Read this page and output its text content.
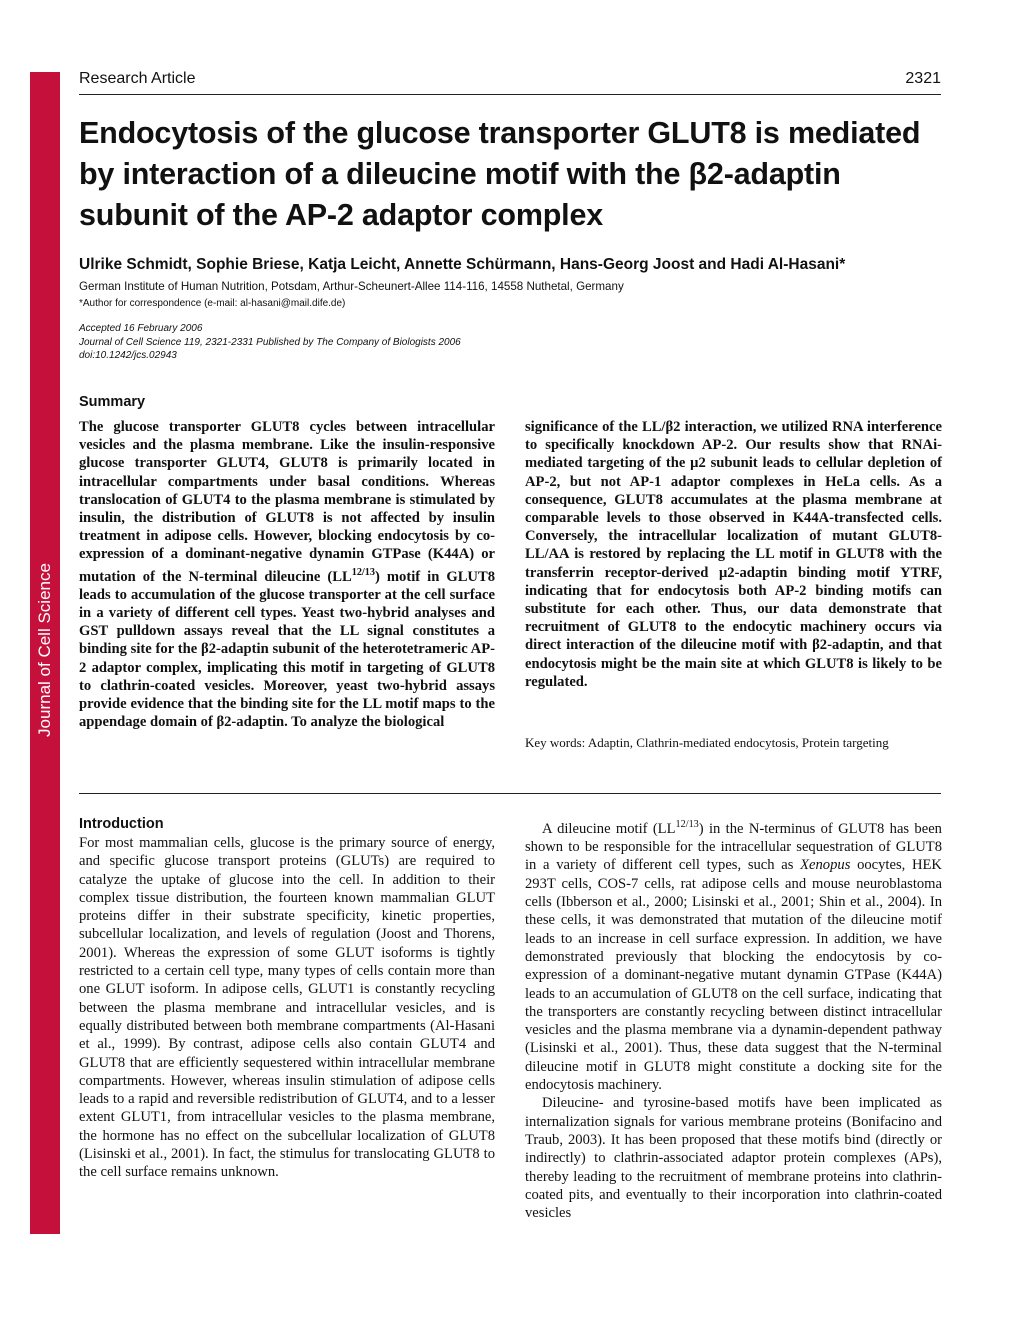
Journal of Cell Science
Research Article	2321
Endocytosis of the glucose transporter GLUT8 is mediated by interaction of a dileucine motif with the β2-adaptin subunit of the AP-2 adaptor complex

Ulrike Schmidt, Sophie Briese, Katja Leicht, Annette Schürmann, Hans-Georg Joost and Hadi Al-Hasani*

German Institute of Human Nutrition, Potsdam, Arthur-Scheunert-Allee 114-116, 14558 Nuthetal, Germany

*Author for correspondence (e-mail: al-hasani@mail.dife.de)

Accepted 16 February 2006
Journal of Cell Science 119, 2321-2331 Published by The Company of Biologists 2006
doi:10.1242/jcs.02943
Summary

The glucose transporter GLUT8 cycles between intracellular vesicles and the plasma membrane. Like the insulin-responsive glucose transporter GLUT4, GLUT8 is primarily located in intracellular compartments under basal conditions. Whereas translocation of GLUT4 to the plasma membrane is stimulated by insulin, the distribution of GLUT8 is not affected by insulin treatment in adipose cells. However, blocking endocytosis by co-expression of a dominant-negative dynamin GTPase (K44A) or mutation of the N-terminal dileucine $(LL^{12/13})$ motif in GLUT8 leads to accumulation of the glucose transporter at the cell surface in a variety of different cell types. Yeast two-hybrid analyses and GST pulldown assays reveal that the LL signal constitutes a binding site for the β2-adaptin subunit of the heterotetrameric AP-2 adaptor complex, implicating this motif in targeting of GLUT8 to clathrin-coated vesicles. Moreover, yeast two-hybrid assays provide evidence that the binding site for the LL motif maps to the appendage domain of β2-adaptin. To analyze the biological

significance of the LL/β2 interaction, we utilized RNA interference to specifically knockdown AP-2. Our results show that RNAi-mediated targeting of the μ2 subunit leads to cellular depletion of AP-2, but not AP-1 adaptor complexes in HeLa cells. As a consequence, GLUT8 accumulates at the plasma membrane at comparable levels to those observed in K44A-transfected cells. Conversely, the intracellular localization of mutant GLUT8-LL/AA is restored by replacing the LL motif in GLUT8 with the transferrin receptor-derived μ2-adaptin binding motif YTRF, indicating that for endocytosis both AP-2 binding motifs can substitute for each other. Thus, our data demonstrate that recruitment of GLUT8 to the endocytic machinery occurs via direct interaction of the dileucine motif with β2-adaptin, and that endocytosis might be the main site at which GLUT8 is likely to be regulated.

Key words: Adaptin, Clathrin-mediated endocytosis, Protein targeting

Introduction

For most mammalian cells, glucose is the primary source of energy, and specific glucose transport proteins (GLUTs) are required to catalyze the uptake of glucose into the cell. In addition to their complex tissue distribution, the fourteen known mammalian GLUT proteins differ in their substrate specificity, kinetic properties, subcellular localization, and levels of regulation (Joost and Thorens, 2001). Whereas the expression of some GLUT isoforms is tightly restricted to a certain cell type, many types of cells contain more than one GLUT isoform. In adipose cells, GLUT1 is constantly recycling between the plasma membrane and intracellular vesicles, and is equally distributed between both membrane compartments (Al-Hasani et al., 1999). By contrast, adipose cells also contain GLUT4 and GLUT8 that are efficiently sequestered within intracellular membrane compartments. However, whereas insulin stimulation of adipose cells leads to a rapid and reversible redistribution of GLUT4, and to a lesser extent GLUT1, from intracellular vesicles to the plasma membrane, the hormone has no effect on the subcellular localization of GLUT8 (Lisinski et al., 2001). In fact, the stimulus for translocating GLUT8 to the cell surface remains unknown.

A dileucine motif $(LL^{12/13})$ in the N-terminus of GLUT8 has been shown to be responsible for the intracellular sequestration of GLUT8 in a variety of different cell types, such as Xenopus oocytes, HEK 293T cells, COS-7 cells, rat adipose cells and mouse neuroblastoma cells (Ibberson et al., 2000; Lisinski et al., 2001; Shin et al., 2004). In these cells, it was demonstrated that mutation of the dileucine motif leads to an increase in cell surface expression. In addition, we have demonstrated previously that blocking the endocytosis by co-expression of a dominant-negative mutant dynamin GTPase (K44A) leads to an accumulation of GLUT8 on the cell surface, indicating that the transporters are constantly recycling between distinct intracellular vesicles and the plasma membrane via a dynamin-dependent pathway (Lisinski et al., 2001). Thus, these data suggest that the N-terminal dileucine motif in GLUT8 might constitute a docking site for the endocytosis machinery.

Dileucine- and tyrosine-based motifs have been implicated as internalization signals for various membrane proteins (Bonifacino and Traub, 2003). It has been proposed that these motifs bind (directly or indirectly) to clathrin-associated adaptor protein complexes (APs), thereby leading to the recruitment of membrane proteins into clathrin-coated pits, and eventually to their incorporation into clathrin-coated vesicles
